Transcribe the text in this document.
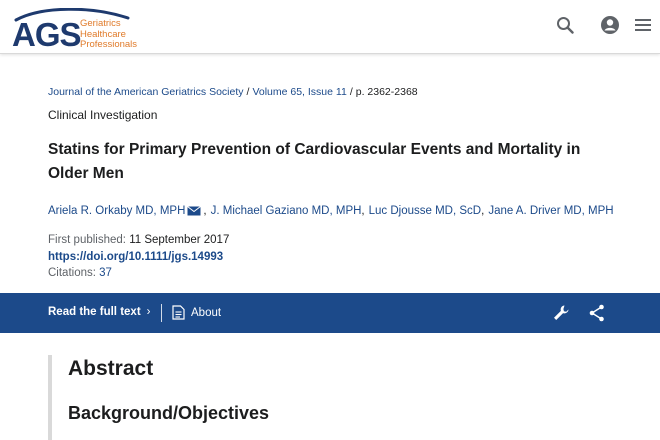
AGS Geriatrics
Healthcare
Professionals
Journal of the American Geriatrics Society / Volume 65, Issue 11 / p. 2362-2368
Clinical Investigation
Statins for Primary Prevention of Cardiovascular Events and Mortality in Older Men
Ariela R. Orkaby MD, MPH , J. Michael Gaziano MD, MPH , Luc Djousse MD, ScD , Jane A. Driver MD, MPH
First published: 11 September 2017
https://doi.org/10.1111/jgs.14993
Citations: 37
Read the full text ›	About
Abstract
Background/Objectives
